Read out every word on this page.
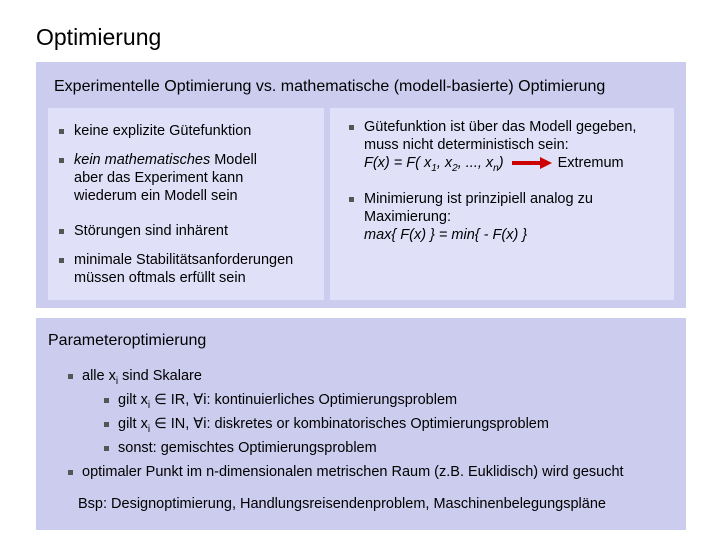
Optimierung
Experimentelle Optimierung vs. mathematische (modell-basierte) Optimierung
keine explizite Gütefunktion
kein mathematisches Modell aber das Experiment kann wiederum ein Modell sein
Störungen sind inhärent
minimale Stabilitätsanforderungen müssen oftmals erfüllt sein
Gütefunktion ist über das Modell gegeben, muss nicht deterministisch sein:
F(x) = F( $x_1$, $x_2$, ..., $x_n$)	Extremum
Minimierung ist prinzipiell analog zu Maximierung:
max{ F(x) } = min{ - F(x) }
Parameteroptimierung
alle $x_i$ sind Skalare
gilt $x_i$ ∈ IR, ∀i: kontinuierliches Optimierungsproblem
gilt $x_i$ ∈ IN, ∀i: diskretes or kombinatorisches Optimierungsproblem
sonst: gemischtes Optimierungsproblem
optimaler Punkt im n-dimensionalen metrischen Raum (z.B. Euklidisch) wird gesucht
Bsp: Designoptimierung, Handlungsreisendenproblem, Maschinenbelegungspläne
